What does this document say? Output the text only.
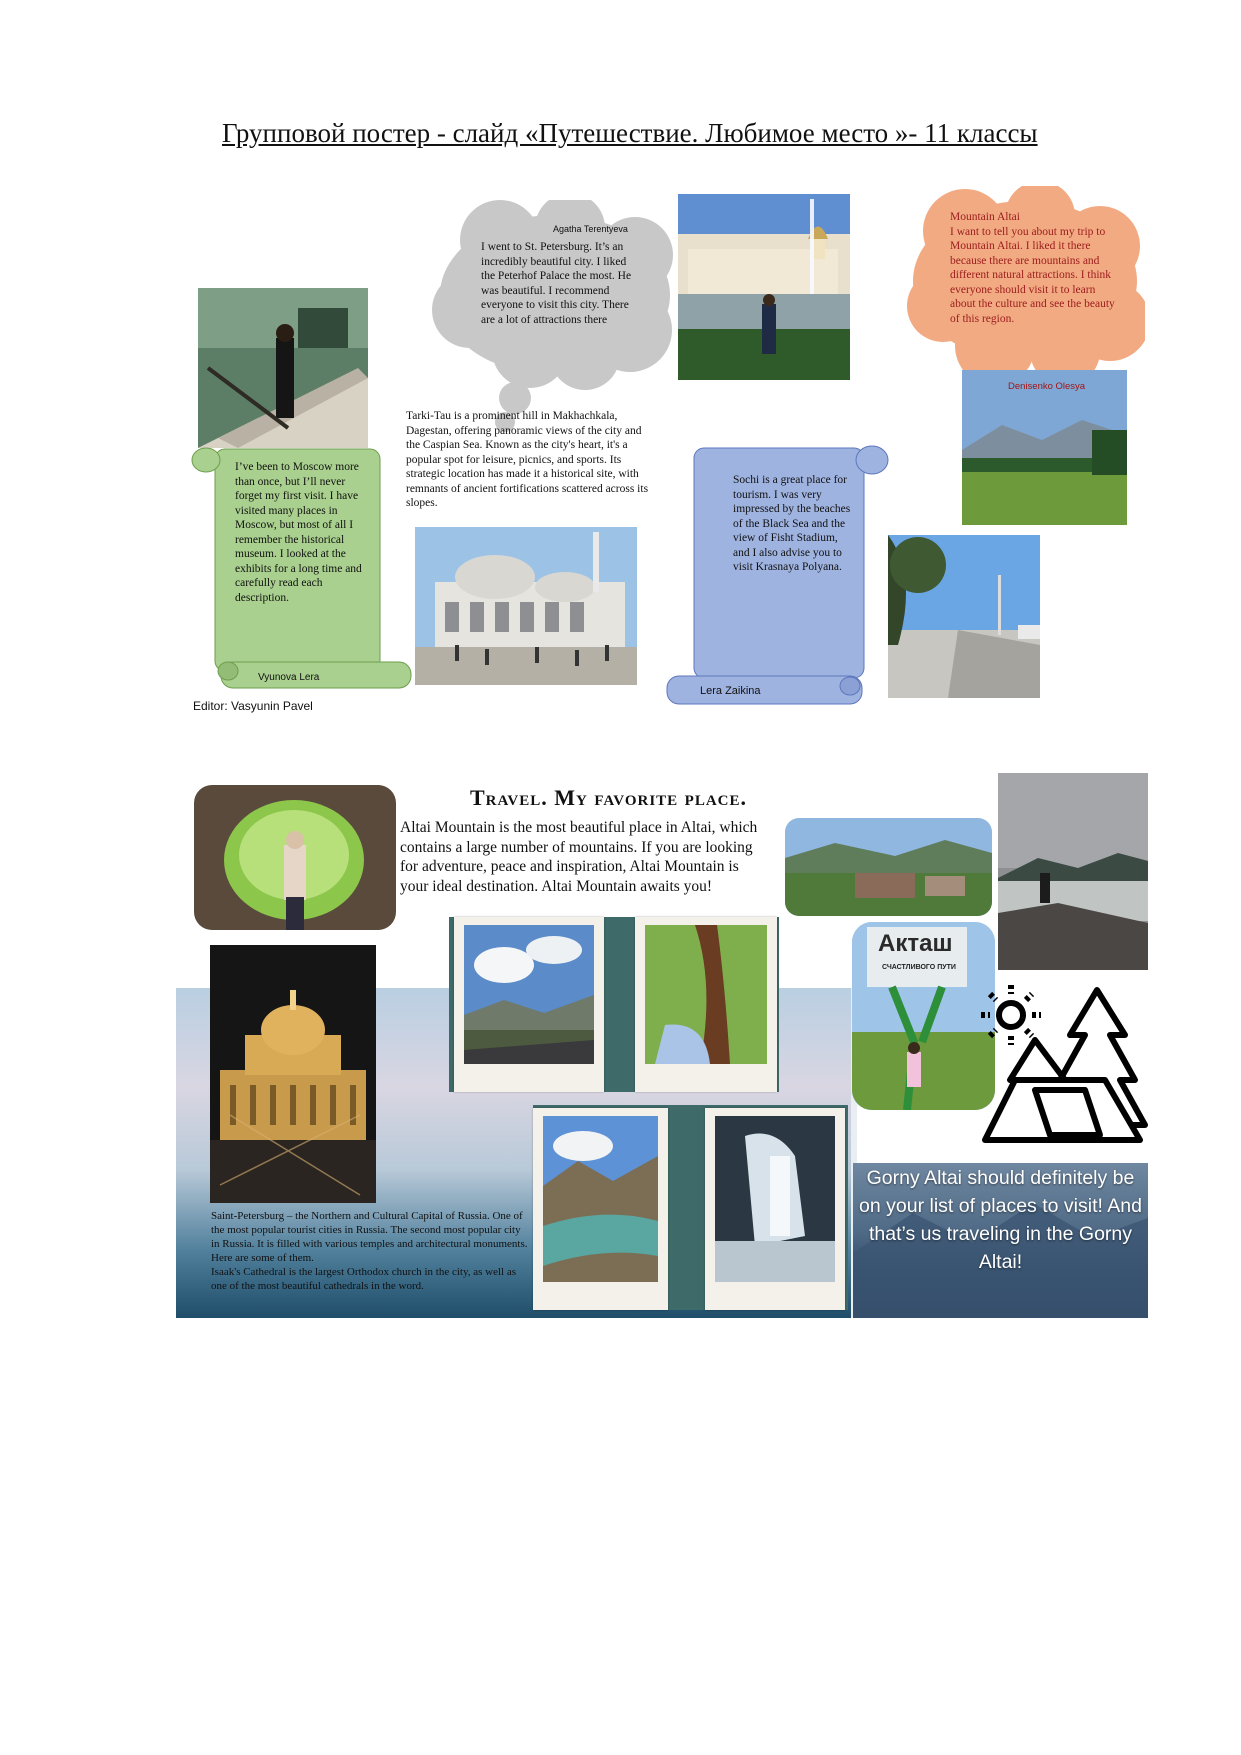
Групповой постер - слайд «Путешествие. Любимое место »- 11 классы
Agatha Terentyeva
I went to St. Petersburg. It’s an incredibly beautiful city. I liked the Peterhof Palace the most. He was beautiful. I recommend everyone to visit this city. There are a lot of attractions there
Mountain Altai
I want to tell you about my trip to Mountain Altai. I liked it there because there are mountains and different natural attractions. I think everyone should visit it to learn about the culture and see the beauty of this region.
Denisenko Olesya
Tarki-Tau is a prominent hill in Makhachkala, Dagestan, offering panoramic views of the city and the Caspian Sea. Known as the city's heart, it's a popular spot for leisure, picnics, and sports. Its strategic location has made it a historical site, with remnants of ancient fortifications scattered across its slopes.
I’ve been to Moscow more than once, but I’ll never forget my first visit. I have visited many places in Moscow, but most of all I remember the historical museum. I looked at the exhibits for a long time and carefully read each description.
Vyunova Lera
Sochi is a great place for tourism. I was very impressed by the beaches of the Black Sea and the view of Fisht Stadium, and I also advise you to visit Krasnaya Polyana.
Lera Zaikina
Editor: Vasyunin Pavel
Travel. My favorite place.
Altai Mountain is the most beautiful place in Altai, which contains a large number of mountains. If you are looking for adventure, peace and inspiration, Altai Mountain is your ideal destination. Altai Mountain awaits you!
Акташ
СЧАСТЛИВОГО ПУТИ
Saint-Petersburg – the Northern and Cultural Capital of Russia. One of the most popular tourist cities in Russia. The second most popular city in Russia. It is filled with various temples and architectural monuments. Here are some of them.
Isaak's Cathedral is the largest Orthodox church in the city, as well as one of the most beautiful cathedrals in the word.
Gorny Altai should definitely be on your list of places to visit! And that’s us traveling in the Gorny Altai!
